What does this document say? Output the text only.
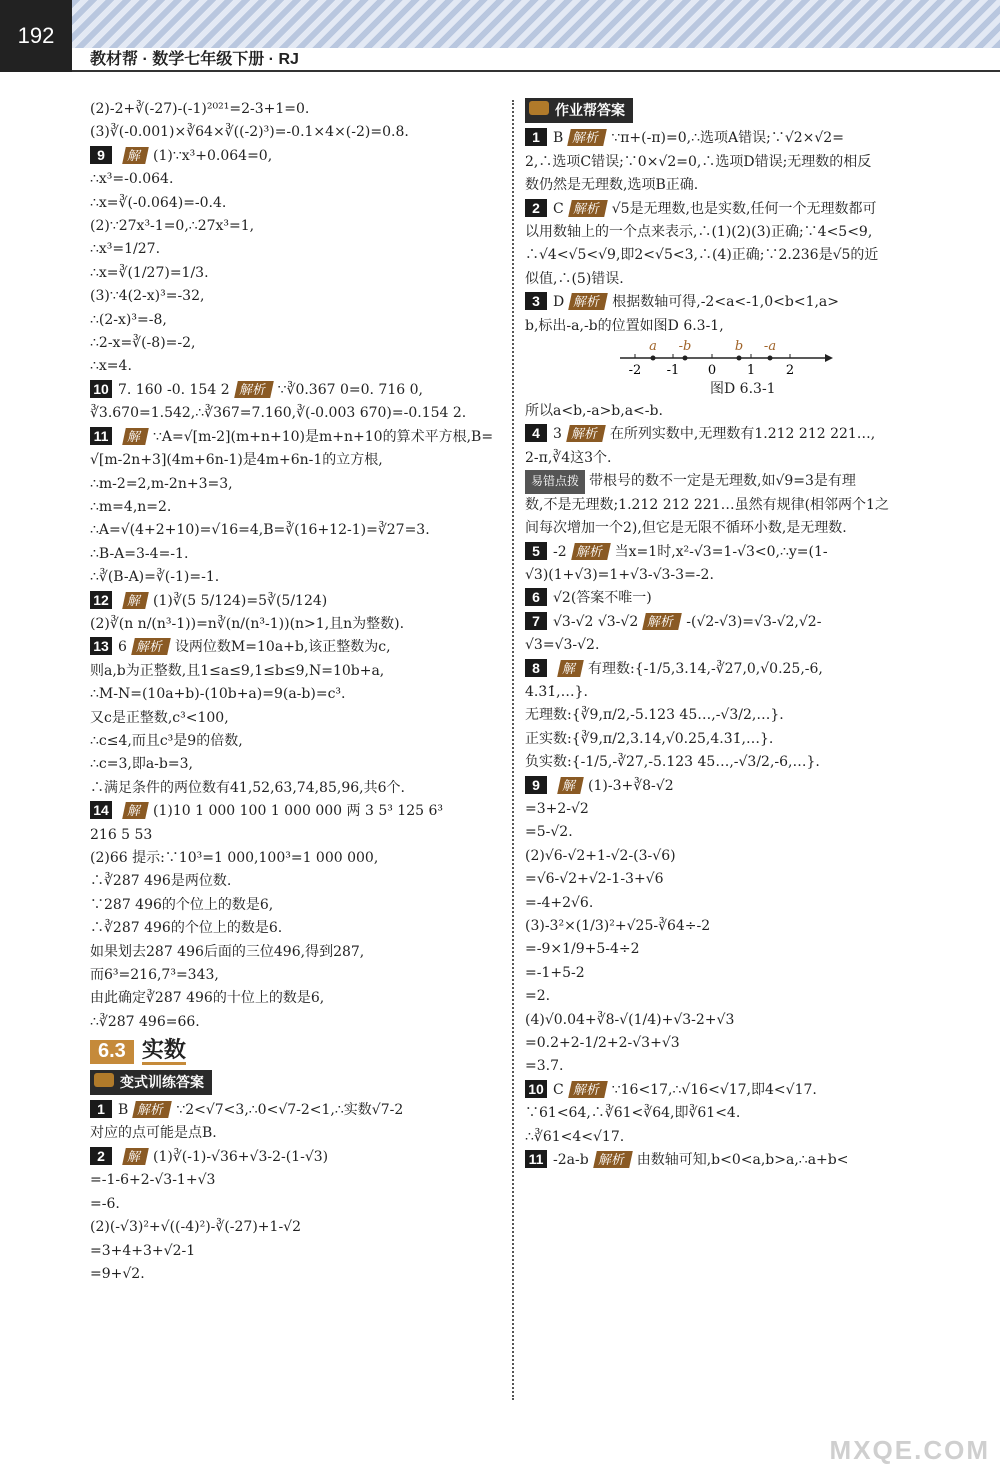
192
教材帮 · 数学七年级下册 · RJ
(2)-2+∛(-27)-(-1)²⁰²¹=2-3+1=0.
(3)∛(-0.001)×∛64×∛((-2)³)=-0.1×4×(-2)=0.8.
9 解 (1)∵x³+0.064=0,
∴x³=-0.064.
∴x=∛(-0.064)=-0.4.
(2)∵27x³-1=0,∴27x³=1,
∴x³=1/27.
∴x=∛(1/27)=1/3.
(3)∵4(2-x)³=-32,
∴(2-x)³=-8,
∴2-x=∛(-8)=-2,
∴x=4.
10 7. 160 -0. 154 2 解析 ∵∛0.367 0=0. 716 0,
∛3.670=1.542,∴∛367=7.160,∛(-0.003 670)=-0.154 2.
11 解 ∵A=√[m-2](m+n+10)是m+n+10的算术平方根,B=
√[m-2n+3](4m+6n-1)是4m+6n-1的立方根,
∴m-2=2,m-2n+3=3,
∴m=4,n=2.
∴A=√(4+2+10)=√16=4,B=∛(16+12-1)=∛27=3.
∴B-A=3-4=-1.
∴∛(B-A)=∛(-1)=-1.
12 解 (1)∛(5 5/124)=5∛(5/124)
(2)∛(n n/(n³-1))=n∛(n/(n³-1))(n>1,且n为整数).
13 6 解析 设两位数M=10a+b,该正整数为c,
则a,b为正整数,且1≤a≤9,1≤b≤9,N=10b+a,
∴M-N=(10a+b)-(10b+a)=9(a-b)=c³.
又c是正整数,c³<100,
∴c≤4,而且c³是9的倍数,
∴c=3,即a-b=3,
∴满足条件的两位数有41,52,63,74,85,96,共6个.
14 解 (1)10 1 000 100 1 000 000 两 3 5³ 125 6³
216 5 53
(2)66 提示:∵10³=1 000,100³=1 000 000,
∴∛287 496是两位数.
∵287 496的个位上的数是6,
∴∛287 496的个位上的数是6.
如果划去287 496后面的三位496,得到287,
而6³=216,7³=343,
由此确定∛287 496的十位上的数是6,
∴∛287 496=66.
6.3 实数
变式训练答案
1 B 解析 ∵2<√7<3,∴0<√7-2<1,∴实数√7-2
对应的点可能是点B.
2 解 (1)∛(-1)-√36+√3-2-(1-√3)
=-1-6+2-√3-1+√3
=-6.
(2)(-√3)²+√((-4)²)-∛(-27)+1-√2
=3+4+3+√2-1
=9+√2.
作业帮答案
1 B 解析 ∵π+(-π)=0,∴选项A错误;∵√2×√2=
2,∴选项C错误;∵0×√2=0,∴选项D错误;无理数的相反
数仍然是无理数,选项B正确.
2 C 解析 √5是无理数,也是实数,任何一个无理数都可
以用数轴上的一个点来表示,∴(1)(2)(3)正确;∵4<5<9,
∴√4<√5<√9,即2<√5<3,∴(4)正确;∵2.236是√5的近
似值,∴(5)错误.
3 D 解析 根据数轴可得,-2<a<-1,0<b<1,a>
b,标出-a,-b的位置如图D 6.3-1,
-2 -1 0 1 2
a -b	b -a
图D 6.3-1
所以a<b,-a>b,a<-b.
4 3 解析 在所列实数中,无理数有1.212 212 221…,
2-π,∛4这3个.
易错点拨 带根号的数不一定是无理数,如√9=3是有理
数,不是无理数;1.212 212 221…虽然有规律(相邻两个1之
间每次增加一个2),但它是无限不循环小数,是无理数.
5 -2 解析 当x=1时,x²-√3=1-√3<0,∴y=(1-
√3)(1+√3)=1+√3-√3-3=-2.
6 √2(答案不唯一)
7 √3-√2 √3-√2 解析 -(√2-√3)=√3-√2,√2-
√3=√3-√2.
8 解 有理数:{-1/5,3.14,-∛27,0,√0.25,-6,
4.3̇1̇,…}.
无理数:{∛9,π/2,-5.123 45…,-√3/2,…}.
正实数:{∛9,π/2,3.14,√0.25,4.3̇1̇,…}.
负实数:{-1/5,-∛27,-5.123 45…,-√3/2,-6,…}.
9 解 (1)-3+∛8-√2
=3+2-√2
=5-√2.
(2)√6-√2+1-√2-(3-√6)
=√6-√2+√2-1-3+√6
=-4+2√6.
(3)-3²×(1/3)²+√25-∛64÷-2
=-9×1/9+5-4÷2
=-1+5-2
=2.
(4)√0.04+∛8-√(1/4)+√3-2+√3
=0.2+2-1/2+2-√3+√3
=3.7.
10 C 解析 ∵16<17,∴√16<√17,即4<√17.
∵61<64,∴∛61<∛64,即∛61<4.
∴∛61<4<√17.
11 -2a-b 解析 由数轴可知,b<0<a,b>a,∴a+b<
MXQE.COM
